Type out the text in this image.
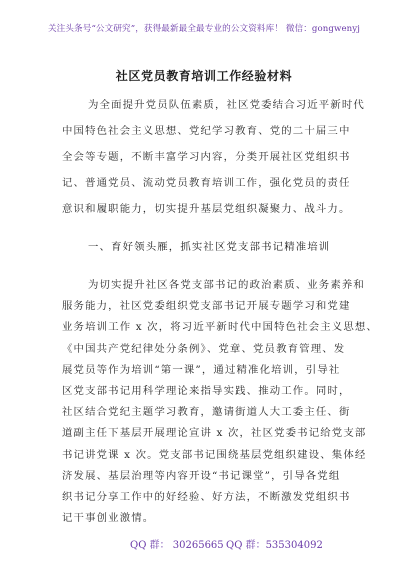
关注头条号“公文研究”，获得最新最全最专业的公文资料库！ 微信：gongwenyj
社区党员教育培训工作经验材料
为全面提升党员队伍素质，社区党委结合习近平新时代
中国特色社会主义思想、党纪学习教育、党的二十届三中
全会等专题，不断丰富学习内容，分类开展社区党组织书
记、普通党员、流动党员教育培训工作，强化党员的责任
意识和履职能力，切实提升基层党组织凝聚力、战斗力。
一、育好领头雁，抓实社区党支部书记精准培训
为切实提升社区各党支部书记的政治素质、业务素养和
服务能力，社区党委组织党支部书记开展专题学习和党建
业务培训工作 x 次，将习近平新时代中国特色社会主义思想、
《中国共产党纪律处分条例》、党章、党员教育管理、发
展党员等作为培训“第一课”，通过精准化培训，引导社
区党支部书记用科学理论来指导实践、推动工作。同时，
社区结合党纪主题学习教育，邀请街道人大工委主任、街
道副主任下基层开展理论宣讲 x 次，社区党委书记给党支部
书记讲党课 x 次。党支部书记围绕基层党组织建设、集体经
济发展、基层治理等内容开设“书记课堂”，引导各党组
织书记分享工作中的好经验、好方法，不断激发党组织书
记干事创业激情。
QQ 群： 30265665 QQ 群：535304092
